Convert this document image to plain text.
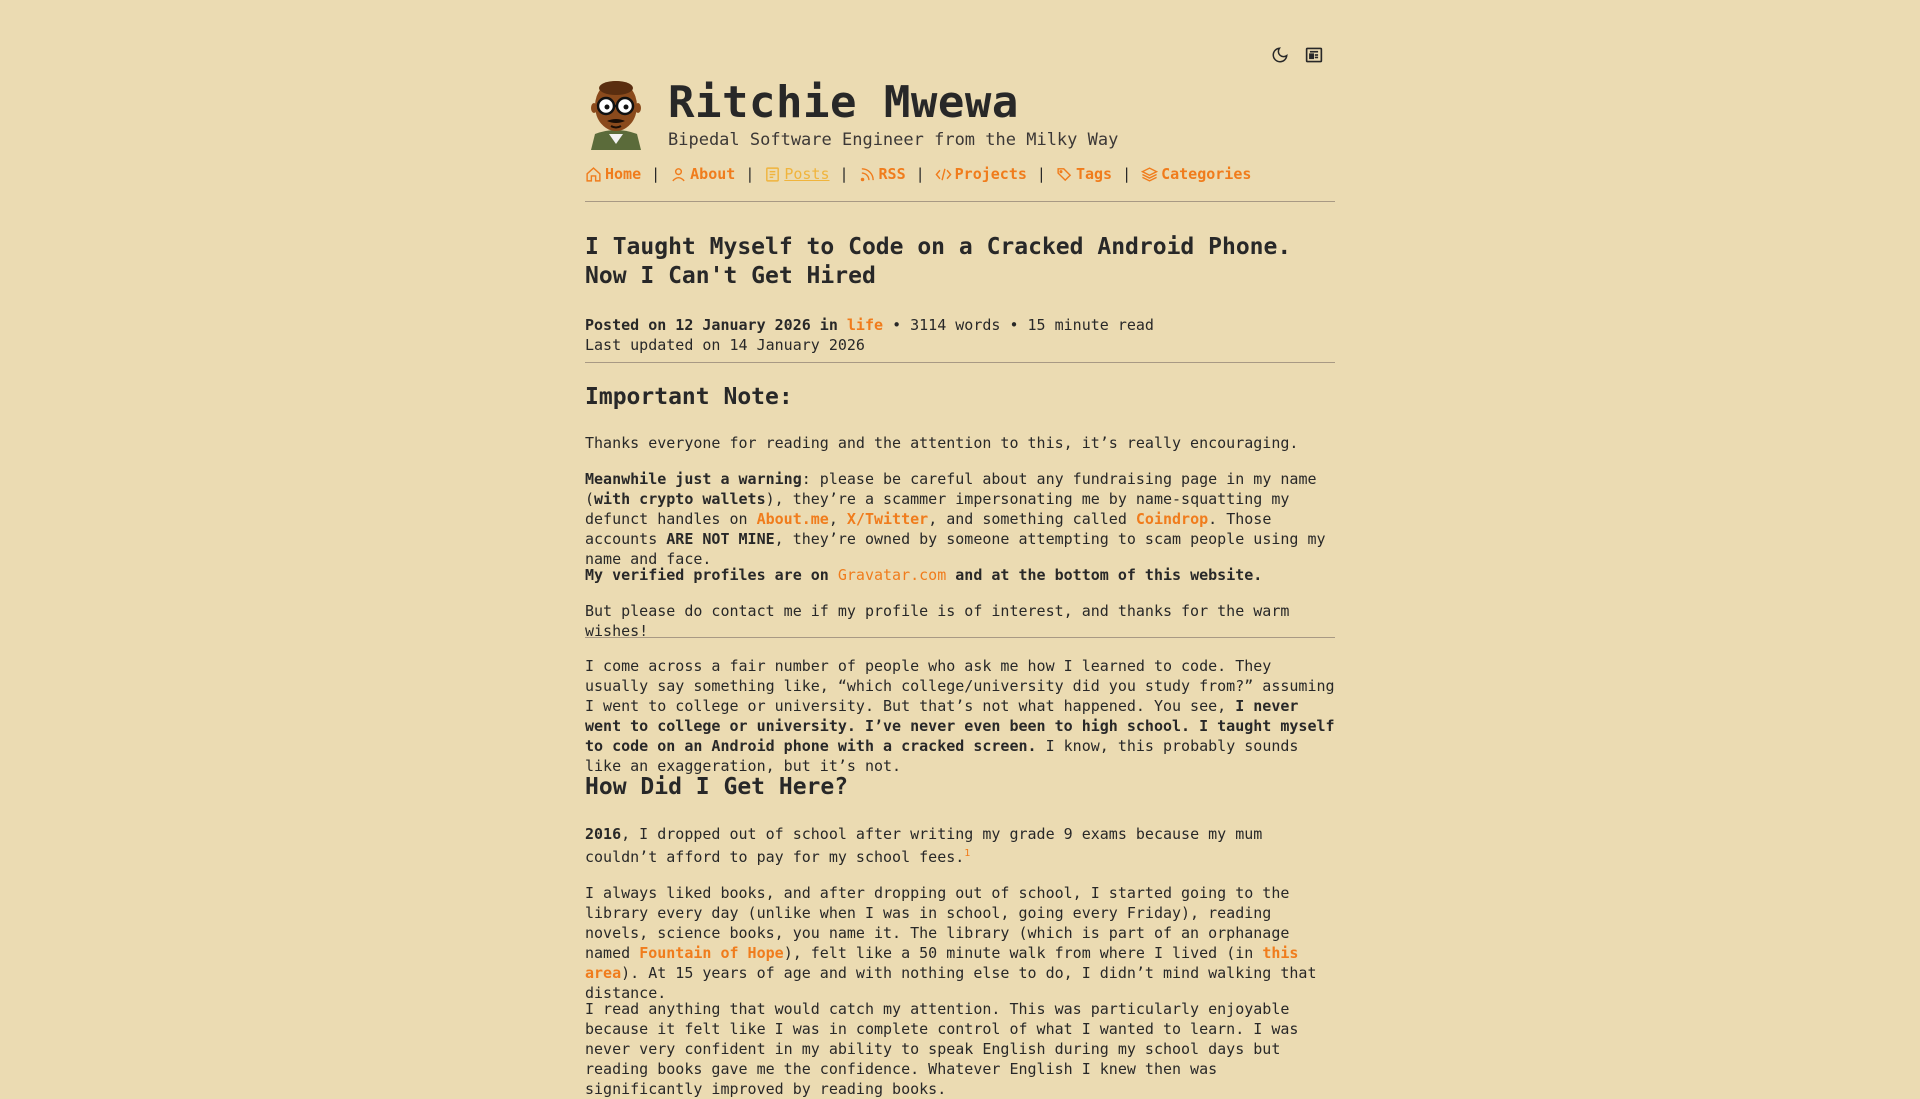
Ritchie Mwewa
Bipedal Software Engineer from the Milky Way
Home | About | Posts | RSS | Projects | Tags | Categories
I Taught Myself to Code on a Cracked Android Phone. Now I Can't Get Hired
Posted on 12 January 2026 in life • 3114 words • 15 minute read
Last updated on 14 January 2026
Important Note:

Thanks everyone for reading and the attention to this, it’s really encouraging.

Meanwhile just a warning: please be careful about any fundraising page in my name (with crypto wallets), they’re a scammer impersonating me by name-squatting my defunct handles on About.me, X/Twitter, and something called Coindrop. Those accounts ARE NOT MINE, they’re owned by someone attempting to scam people using my name and face.

My verified profiles are on Gravatar.com and at the bottom of this website.

But please do contact me if my profile is of interest, and thanks for the warm wishes!

I come across a fair number of people who ask me how I learned to code. They usually say something like, “which college/university did you study from?” assuming I went to college or university. But that’s not what happened. You see, I never went to college or university. I’ve never even been to high school. I taught myself to code on an Android phone with a cracked screen. I know, this probably sounds like an exaggeration, but it’s not.

How Did I Get Here?

2016, I dropped out of school after writing my grade 9 exams because my mum couldn’t afford to pay for my school fees.$^1$

I always liked books, and after dropping out of school, I started going to the library every day (unlike when I was in school, going every Friday), reading novels, science books, you name it. The library (which is part of an orphanage named Fountain of Hope), felt like a 50 minute walk from where I lived (in this area). At 15 years of age and with nothing else to do, I didn’t mind walking that distance.

I read anything that would catch my attention. This was particularly enjoyable because it felt like I was in complete control of what I wanted to learn. I was never very confident in my ability to speak English during my school days but reading books gave me the confidence. Whatever English I knew then was significantly improved by reading books.
